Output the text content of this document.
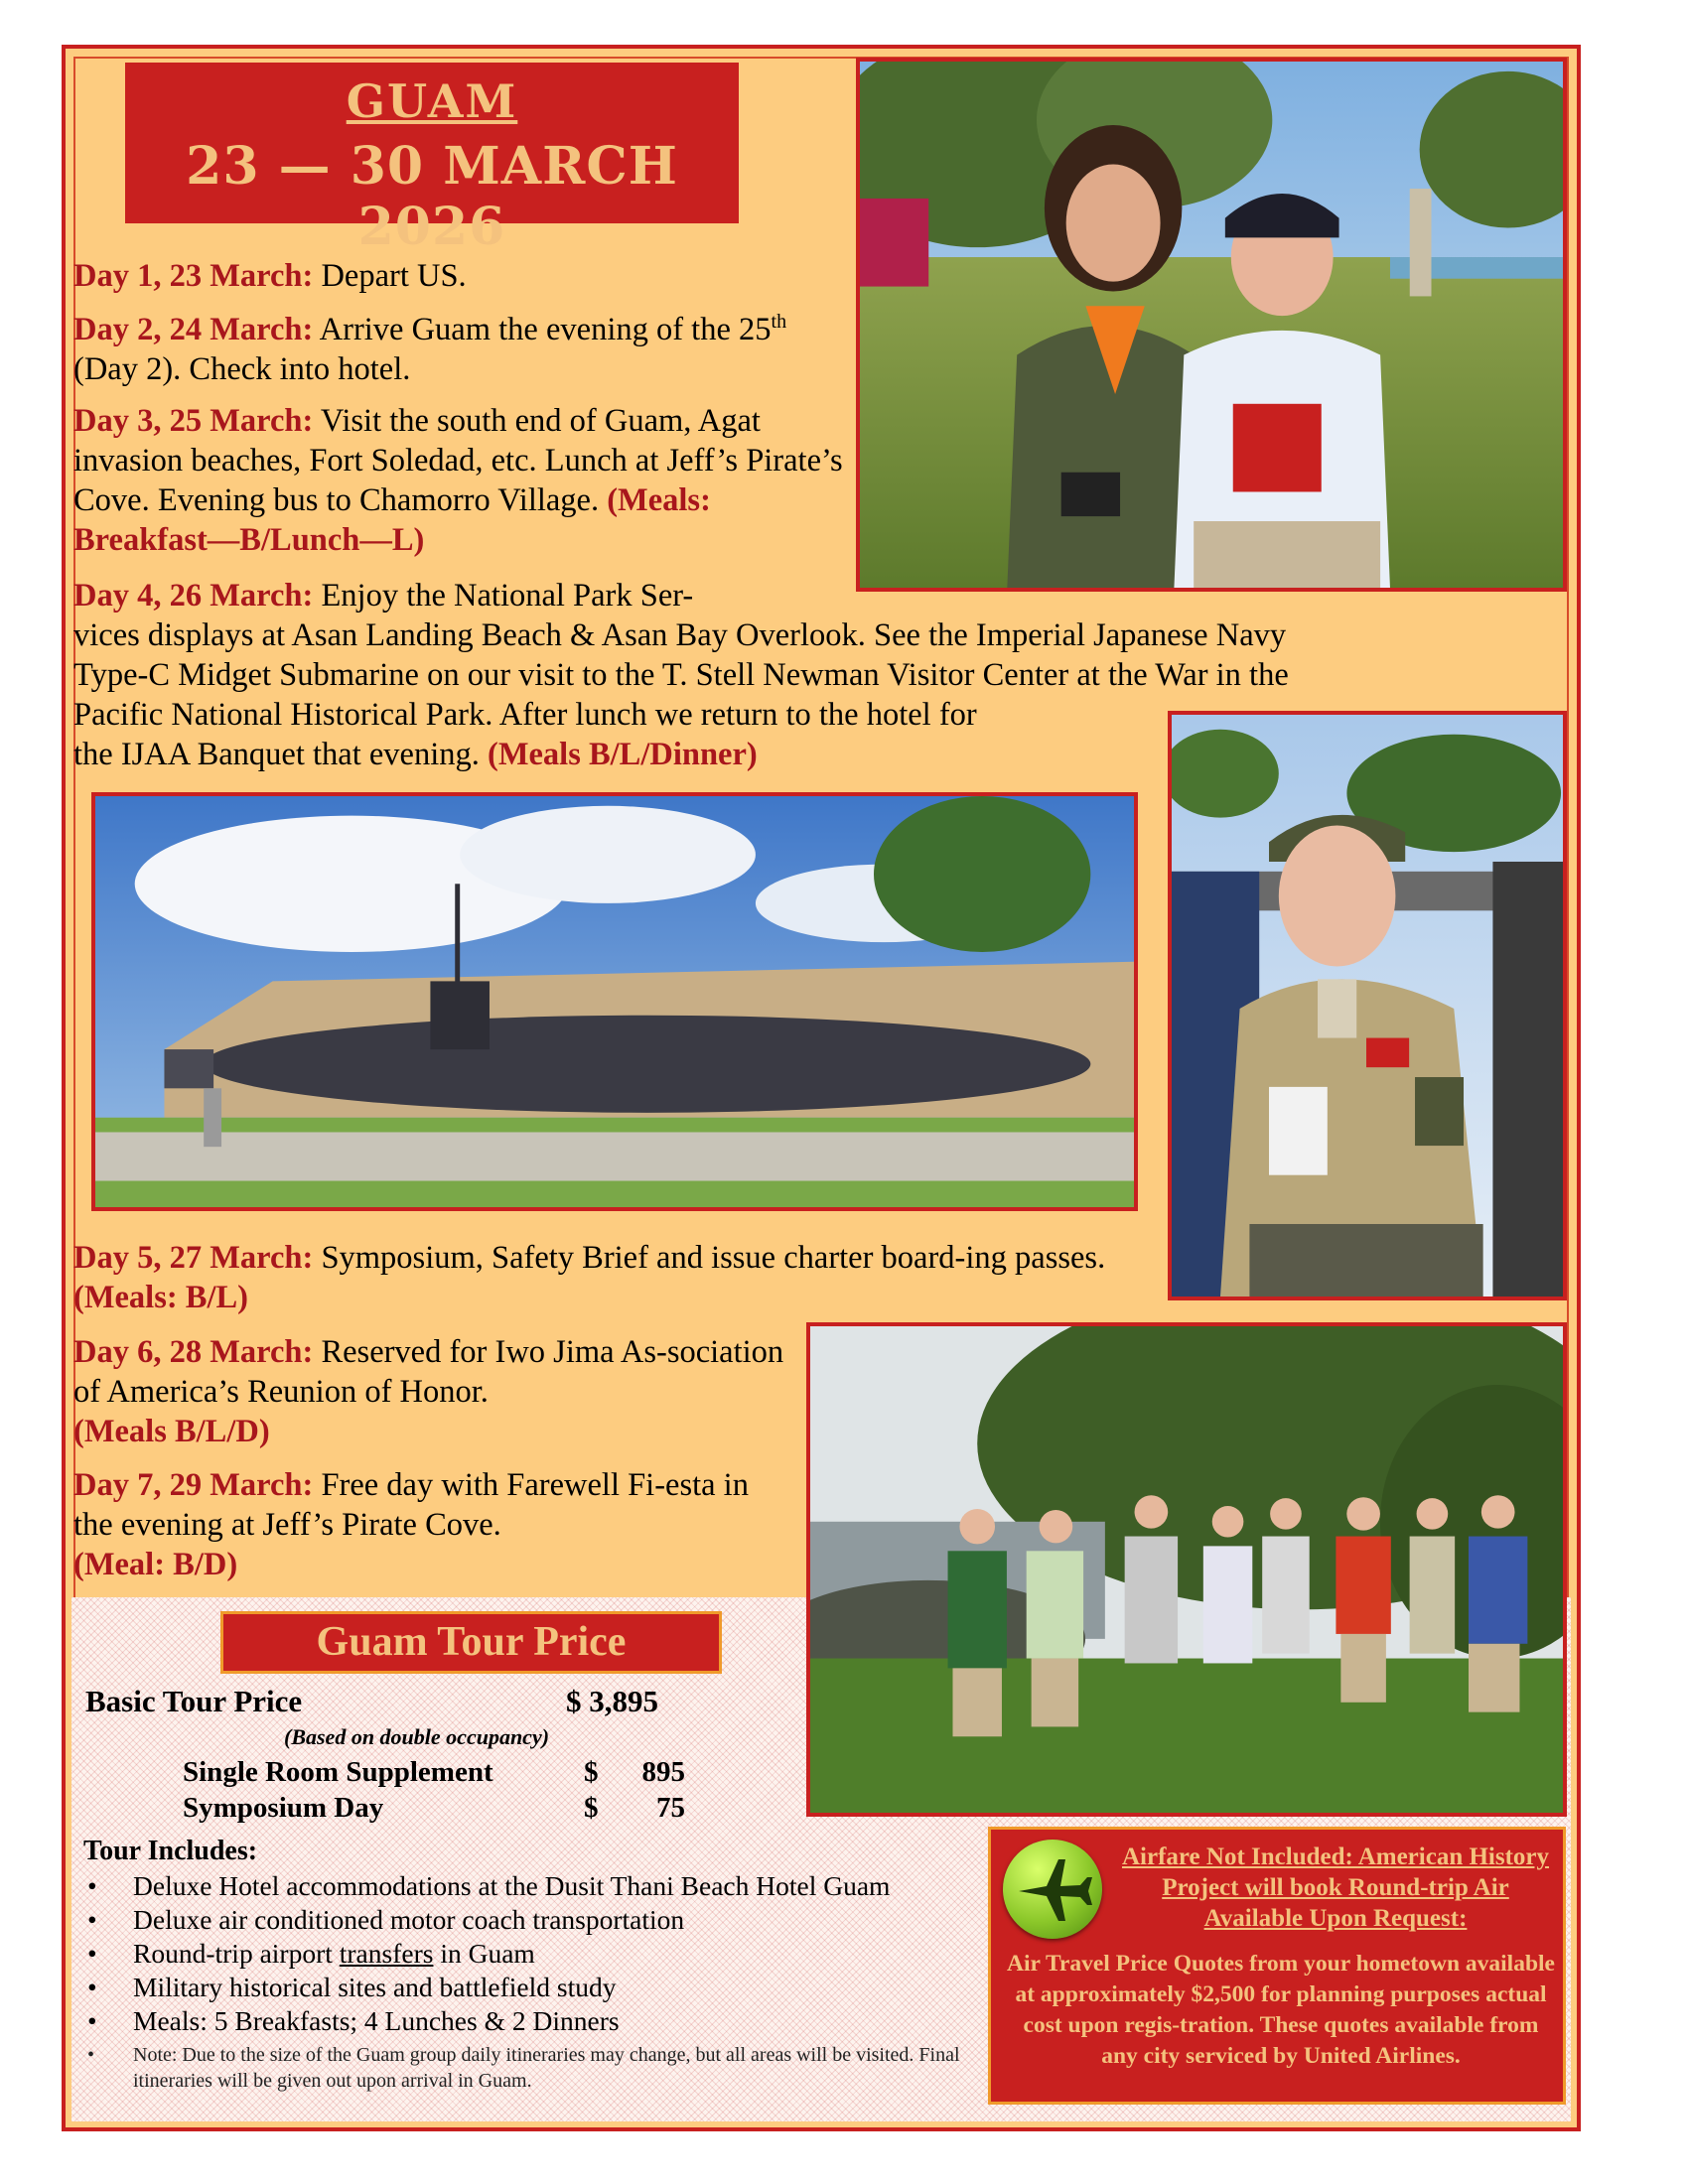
GUAM
23 — 30 MARCH 2026

Day 1, 23 March: Depart US.

Day 2, 24 March: Arrive Guam the evening of the 25th (Day 2). Check into hotel.

Day 3, 25 March: Visit the south end of Guam, Agat invasion beaches, Fort Soledad, etc. Lunch at Jeff’s Pirate’s Cove. Evening bus to Chamorro Village. (Meals: Breakfast—B/Lunch—L)

Day 4, 26 March: Enjoy the National Park Ser-
vices displays at Asan Landing Beach & Asan Bay Overlook. See the Imperial Japanese Navy
Type-C Midget Submarine on our visit to the T. Stell Newman Visitor Center at the War in the
Pacific National Historical Park. After lunch we return to the hotel for
the IJAA Banquet that evening. (Meals B/L/Dinner)

Day 5, 27 March: Symposium, Safety Brief and issue charter board-ing passes. (Meals: B/L)

Day 6, 28 March: Reserved for Iwo Jima As-sociation of America’s Reunion of Honor.
(Meals B/L/D)

Day 7, 29 March: Free day with Farewell Fi-esta in the evening at Jeff’s Pirate Cove.
(Meal: B/D)

Guam Tour Price
Basic Tour Price	$ 3,895
(Based on double occupancy)
Single Room Supplement	$	895
Symposium Day	$	75
Tour Includes:
• Deluxe Hotel accommodations at the Dusit Thani Beach Hotel Guam
• Deluxe air conditioned motor coach transportation
• Round-trip airport transfers in Guam
• Military historical sites and battlefield study
• Meals: 5 Breakfasts; 4 Lunches & 2 Dinners
• Note: Due to the size of the Guam group daily itineraries may change, but all areas will be visited. Final itineraries will be given out upon arrival in Guam.
Airfare Not Included: American History Project will book Round-trip Air Available Upon Request:
Air Travel Price Quotes from your hometown available at approximately $2,500 for planning purposes actual cost upon regis-tration. These quotes available from any city serviced by United Airlines.
